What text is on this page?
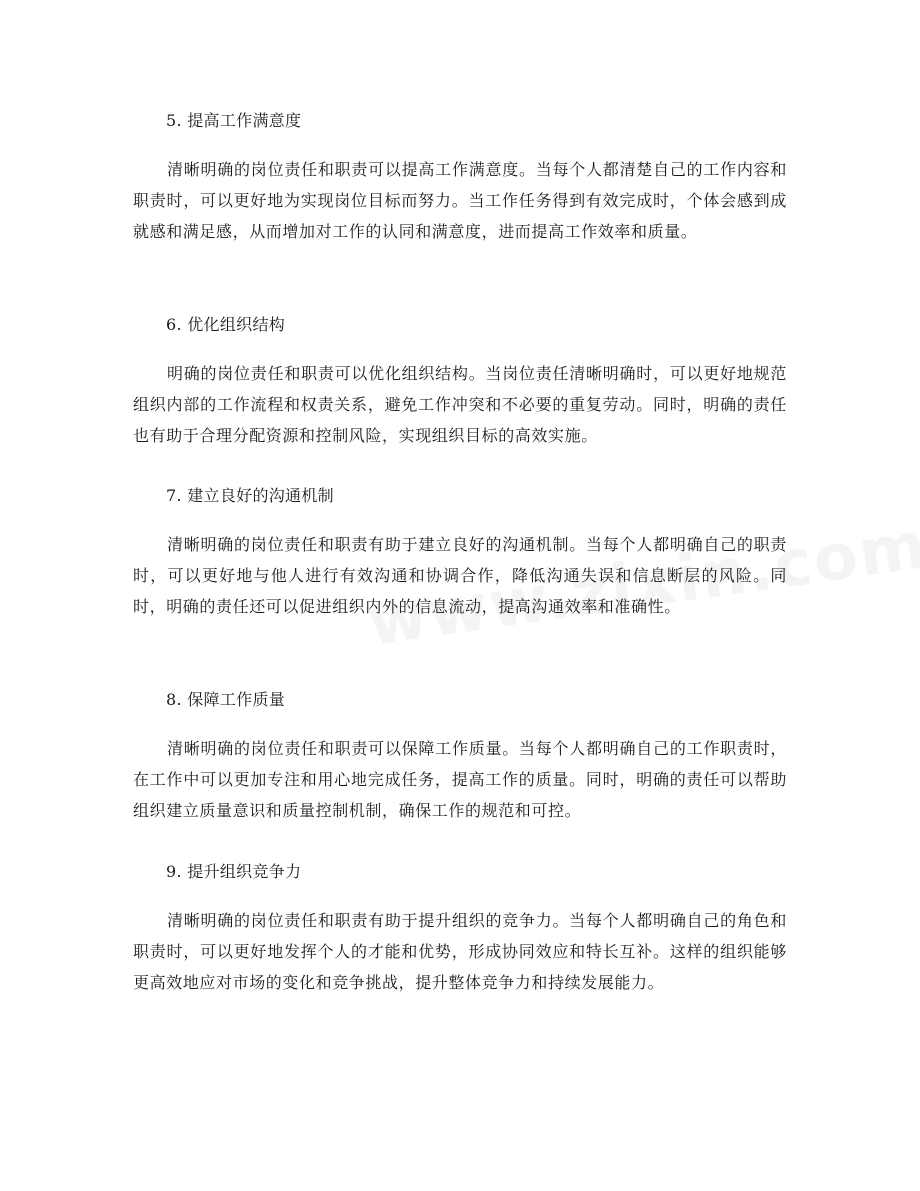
5. 提高工作满意度

清晰明确的岗位责任和职责可以提高工作满意度。当每个人都清楚自己的工作内容和职责时，可以更好地为实现岗位目标而努力。当工作任务得到有效完成时，个体会感到成就感和满足感，从而增加对工作的认同和满意度，进而提高工作效率和质量。

6. 优化组织结构

明确的岗位责任和职责可以优化组织结构。当岗位责任清晰明确时，可以更好地规范组织内部的工作流程和权责关系，避免工作冲突和不必要的重复劳动。同时，明确的责任也有助于合理分配资源和控制风险，实现组织目标的高效实施。

7. 建立良好的沟通机制

清晰明确的岗位责任和职责有助于建立良好的沟通机制。当每个人都明确自己的职责时，可以更好地与他人进行有效沟通和协调合作，降低沟通失误和信息断层的风险。同时，明确的责任还可以促进组织内外的信息流动，提高沟通效率和准确性。

8. 保障工作质量

清晰明确的岗位责任和职责可以保障工作质量。当每个人都明确自己的工作职责时，在工作中可以更加专注和用心地完成任务，提高工作的质量。同时，明确的责任可以帮助组织建立质量意识和质量控制机制，确保工作的规范和可控。

9. 提升组织竞争力

清晰明确的岗位责任和职责有助于提升组织的竞争力。当每个人都明确自己的角色和职责时，可以更好地发挥个人的才能和优势，形成协同效应和特长互补。这样的组织能够更高效地应对市场的变化和竞争挑战，提升整体竞争力和持续发展能力。
